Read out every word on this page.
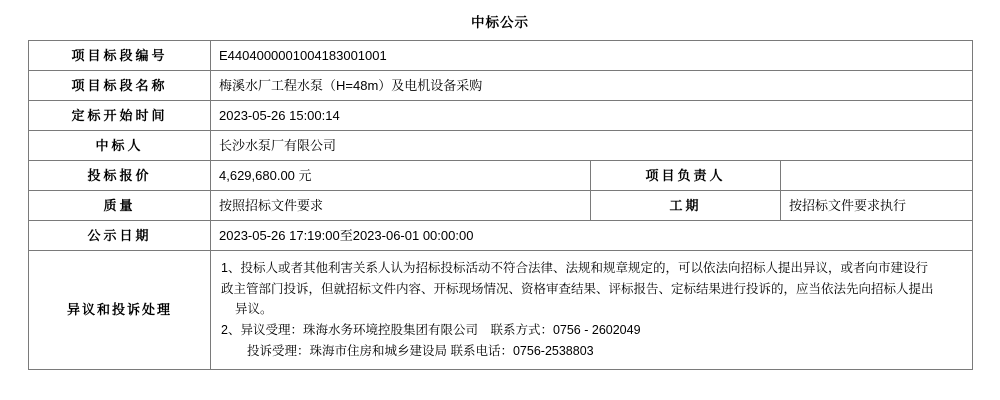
中标公示
项目标段编号	E4404000001004183001001		
项目标段名称	梅溪水厂工程水泵（H=48m）及电机设备采购		
定标开始时间	2023-05-26 15:00:14		
中标人	长沙水泵厂有限公司		
投标报价	4,629,680.00 元	项目负责人	
质量	按照招标文件要求	工期	按招标文件要求执行
公示日期	2023-05-26 17:19:00至2023-06-01 00:00:00		
异议和投诉处理	1、投标人或者其他利害关系人认为招标投标活动不符合法律、法规和规章规定的，可以依法向招标人提出异议，或者向市建设行
政主管部门投诉，但就招标文件内容、开标现场情况、资格审查结果、评标报告、定标结果进行投诉的，应当依法先向招标人提出
异议。
2、异议受理：珠海水务环境控股集团有限公司　联系方式：0756 - 2602049
投诉受理：珠海市住房和城乡建设局 联系电话：0756-2538803		
